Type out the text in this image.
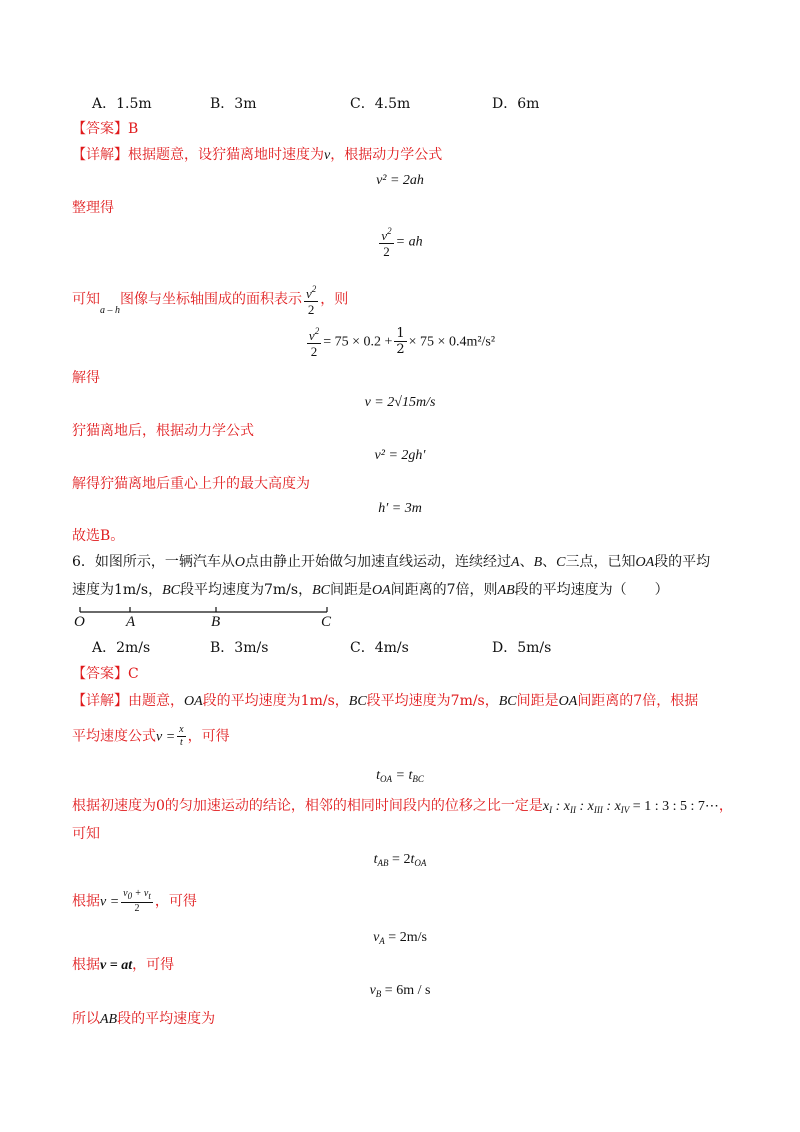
A．1.5m	B．3m	C．4.5m	D．6m
【答案】B
【详解】根据题意，设狞猫离地时速度为v，根据动力学公式
v² = 2ah
整理得
$\frac{v^2}{2}$ = ah
可知$_{a - h}$图像与坐标轴围成的面积表示 $\frac{v^2}{2}$ ，则
$\frac{v^2}{2} = 75 \times 0.2 + \frac{1}{2} \times 75 \times 0.4m^2/s^2$
解得
v = 2√15m/s
狞猫离地后，根据动力学公式
v² = 2gh′
解得狞猫离地后重心上升的最大高度为
h′ = 3m
故选B。
6．如图所示，一辆汽车从O点由静止开始做匀加速直线运动，连续经过A、B、C三点，已知OA段的平均
速度为1m/s，BC段平均速度为7m/s，BC间距是OA间距离的7倍，则AB段的平均速度为（　　）
O	A	B	C
A．2m/s	B．3m/s	C．4m/s	D．5m/s
【答案】C
【详解】由题意，OA段的平均速度为1m/s，BC段平均速度为7m/s，BC间距是OA间距离的7倍，根据
平均速度公式$v = \frac{x}{t}$ ，可得
$t_{OA} = t_{BC}$
根据初速度为0的匀加速运动的结论，相邻的相同时间段内的位移之比一定是$x_I$ : $x_{II}$ : $x_{III}$ : $x_{IV} = 1$ : 3 : 5 : 7⋯，
可知
$t_{AB} = 2t_{OA}$
根据$v = \frac{v0 + vt}{2}$ ，可得
$v_A = 2m/s$
根据v = at，可得
$v_B = 6m / s$
所以AB段的平均速度为
